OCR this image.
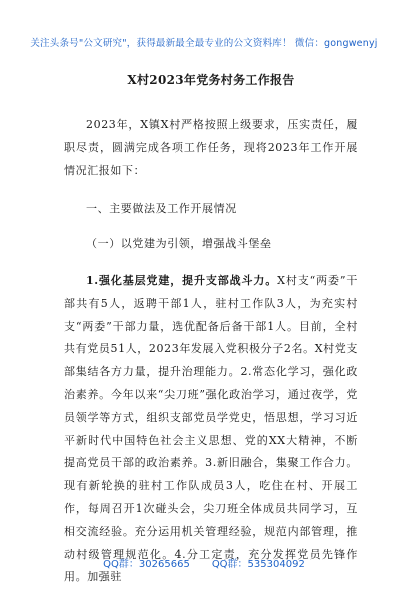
关注头条号"公文研究"，获得最新最全最专业的公文资料库！ 微信：gongwenyj
X村2023年党务村务工作报告

2023年，X镇X村严格按照上级要求，压实责任，履职尽责，圆满完成各项工作任务，现将2023年工作开展情况汇报如下：

一、主要做法及工作开展情况

（一）以党建为引领，增强战斗堡垒

1.强化基层党建，提升支部战斗力。X村支“两委”干部共有5人，返聘干部1人，驻村工作队3人，为充实村支“两委”干部力量，选优配备后备干部1人。目前，全村共有党员51人，2023年发展入党积极分子2名。X村党支部集结各方力量，提升治理能力。2.常态化学习，强化政治素养。今年以来“尖刀班”强化政治学习，通过夜学，党员领学等方式，组织支部党员学党史，悟思想，学习习近平新时代中国特色社会主义思想、党的XX大精神，不断提高党员干部的政治素养。3.新旧融合，集聚工作合力。现有新轮换的驻村工作队成员3人，吃住在村、开展工作，每周召开1次碰头会，尖刀班全体成员共同学习，互相交流经验。充分运用机关管理经验，规范内部管理，推动村级管理规范化。4.分工定责，充分发挥党员先锋作用。加强驻

QQ群：30265665 QQ群：535304092
